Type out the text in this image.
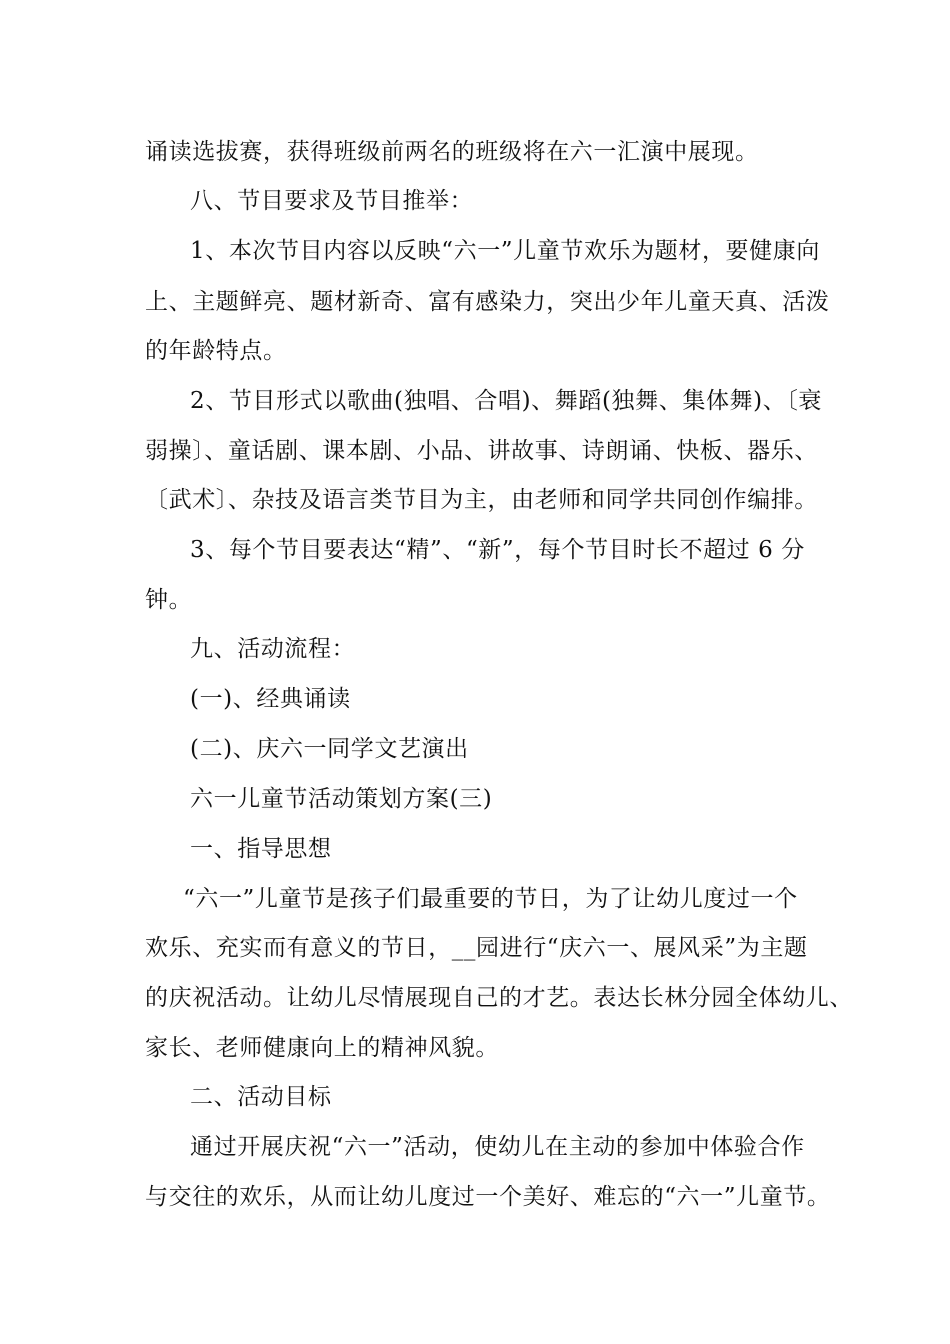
诵读选拔赛，获得班级前两名的班级将在六一汇演中展现。
八、节目要求及节目推举：
1、本次节目内容以反映“六一”儿童节欢乐为题材，要健康向
上、主题鲜亮、题材新奇、富有感染力，突出少年儿童天真、活泼
的年龄特点。
2、节目形式以歌曲(独唱、合唱)、舞蹈(独舞、集体舞)、〔衰
弱操〕、童话剧、课本剧、小品、讲故事、诗朗诵、快板、器乐、
〔武术〕、杂技及语言类节目为主，由老师和同学共同创作编排。
3、每个节目要表达“精”、“新”，每个节目时长不超过 6 分
钟。
九、活动流程：
(一)、经典诵读
(二)、庆六一同学文艺演出
六一儿童节活动策划方案(三)
一、指导思想
“六一”儿童节是孩子们最重要的节日，为了让幼儿度过一个
欢乐、充实而有意义的节日，__园进行“庆六一、展风采”为主题
的庆祝活动。让幼儿尽情展现自己的才艺。表达长林分园全体幼儿、
家长、老师健康向上的精神风貌。
二、活动目标
通过开展庆祝“六一”活动，使幼儿在主动的参加中体验合作
与交往的欢乐，从而让幼儿度过一个美好、难忘的“六一”儿童节。
